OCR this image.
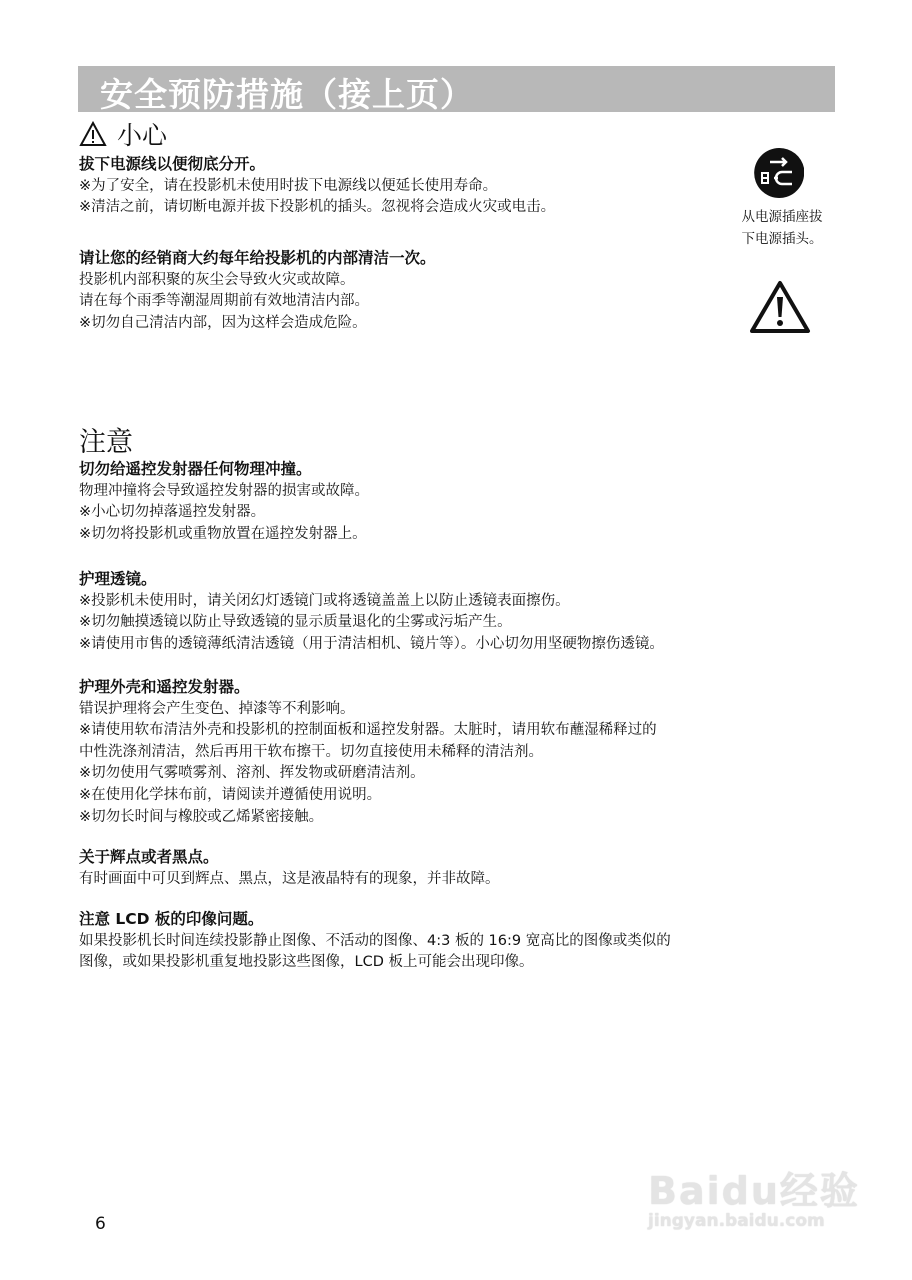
安全预防措施（接上页）
小心
拔下电源线以便彻底分开。
※为了安全，请在投影机未使用时拔下电源线以便延长使用寿命。
※清洁之前，请切断电源并拔下投影机的插头。忽视将会造成火灾或电击。
请让您的经销商大约每年给投影机的内部清洁一次。
投影机内部积聚的灰尘会导致火灾或故障。
请在每个雨季等潮湿周期前有效地清洁内部。
※切勿自己清洁内部，因为这样会造成危险。
从电源插座拔
下电源插头。
注意
切勿给遥控发射器任何物理冲撞。
物理冲撞将会导致遥控发射器的损害或故障。
※小心切勿掉落遥控发射器。
※切勿将投影机或重物放置在遥控发射器上。
护理透镜。
※投影机未使用时，请关闭幻灯透镜门或将透镜盖盖上以防止透镜表面擦伤。
※切勿触摸透镜以防止导致透镜的显示质量退化的尘雾或污垢产生。
※请使用市售的透镜薄纸清洁透镜（用于清洁相机、镜片等）。小心切勿用坚硬物擦伤透镜。
护理外壳和遥控发射器。
错误护理将会产生变色、掉漆等不利影响。
※请使用软布清洁外壳和投影机的控制面板和遥控发射器。太脏时，请用软布蘸湿稀释过的
中性洗涤剂清洁，然后再用干软布擦干。切勿直接使用未稀释的清洁剂。
※切勿使用气雾喷雾剂、溶剂、挥发物或研磨清洁剂。
※在使用化学抹布前，请阅读并遵循使用说明。
※切勿长时间与橡胶或乙烯紧密接触。
关于辉点或者黑点。
有时画面中可贝到辉点、黑点，这是液晶特有的现象，并非故障。
注意 LCD 板的印像问题。
如果投影机长时间连续投影静止图像、不活动的图像、4:3 板的 16:9 宽高比的图像或类似的
图像，或如果投影机重复地投影这些图像，LCD 板上可能会出现印像。
6
Baidu经验
jingyan.baidu.com
